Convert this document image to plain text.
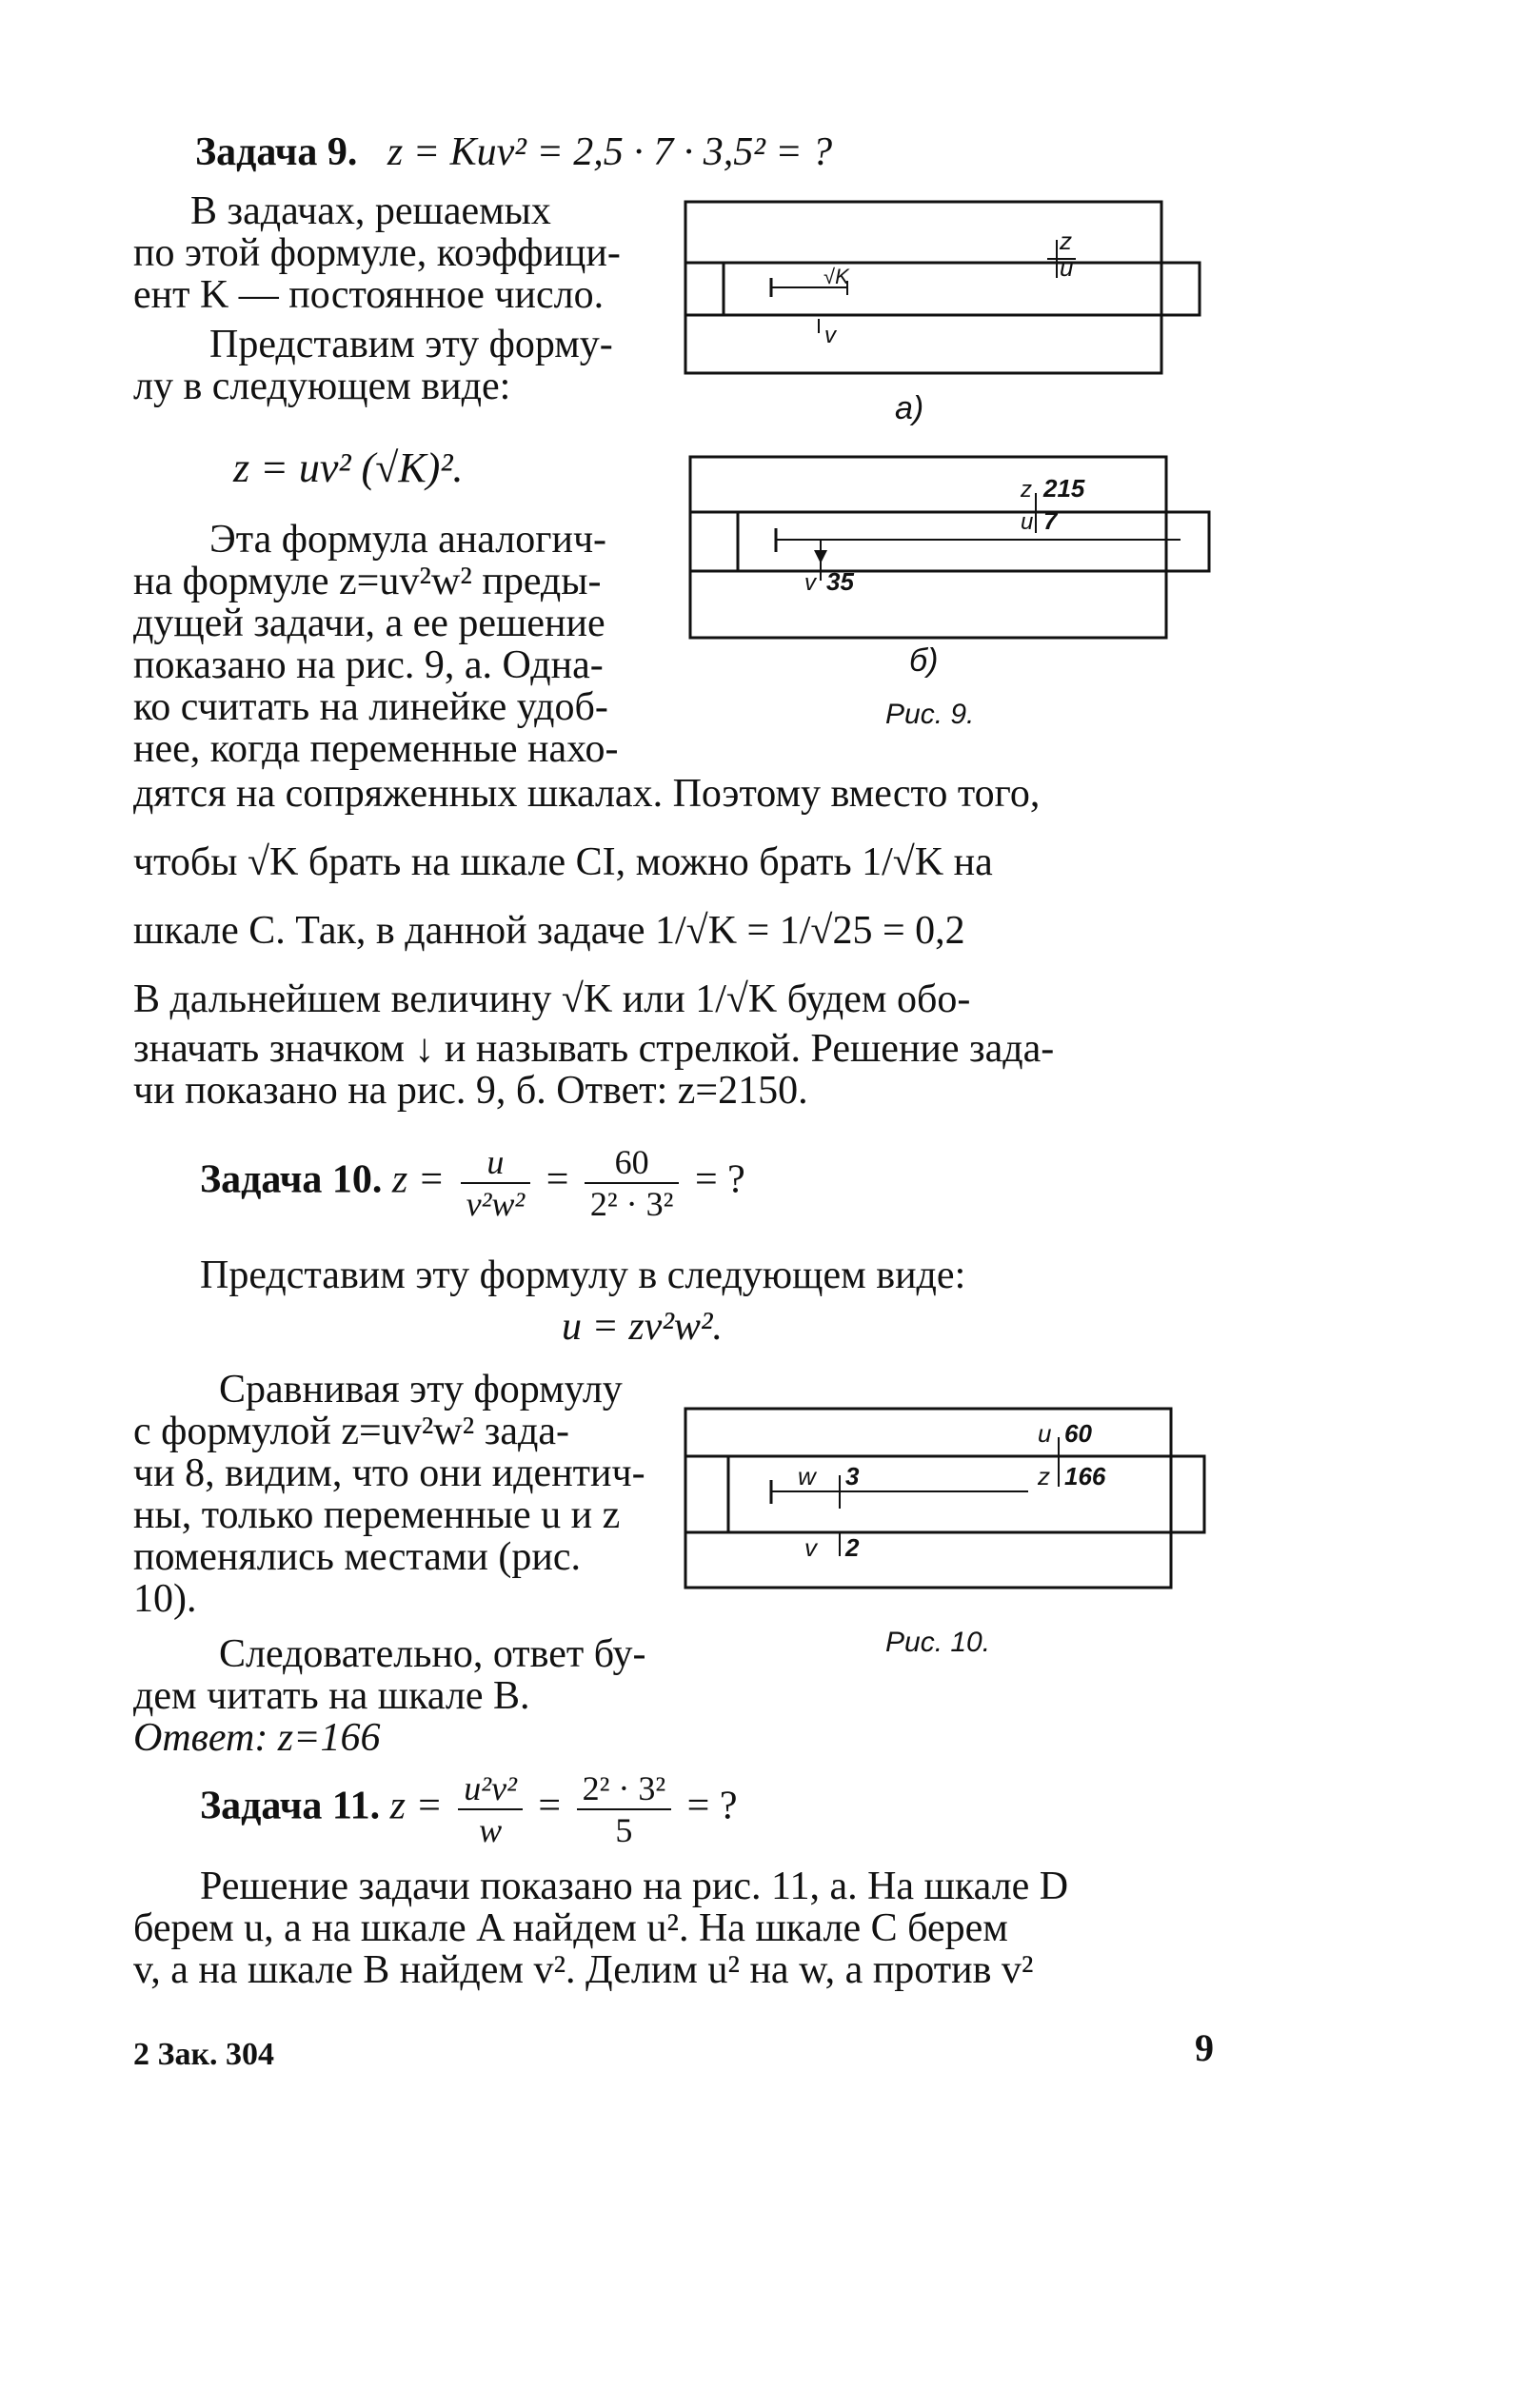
Задача 9. z = Kuv² = 2,5 · 7 · 3,5² = ?
В задачах, решаемых
по этой формуле, коэффици-
ент K — постоянное число.
Представим эту форму-
лу в следующем виде:
z = uv² (√K)².
Эта формула аналогич-
на формуле z=uv²w² преды-
дущей задачи, а ее решение
показано на рис. 9, а. Одна-
ко считать на линейке удоб-
нее, когда переменные нахо-
дятся на сопряженных шкалах. Поэтому вместо того,
чтобы √K брать на шкале CI, можно брать 1/√K на
шкале C. Так, в данной задаче 1/√K = 1/√25 = 0,2
В дальнейшем величину √K или 1/√K будем обо-
значать значком ↓ и называть стрелкой. Решение зада-
чи показано на рис. 9, б. Ответ: z=2150.
z
u
√K
v
а)
z 215
u 7
v 35
б)
Рис. 9.
Задача 10. $z = \frac{u}{\text{v²w²}} = \frac{60}{\text{2² · 3²}}$ = ?
Представим эту формулу в следующем виде:
u = zv²w².
Сравнивая эту формулу
с формулой z=uv²w² зада-
чи 8, видим, что они идентич-
ны, только переменные u и z
поменялись местами (рис.
10).
Следовательно, ответ бу-
дем читать на шкале B.
Ответ: z=166
w 3
u 60
z 166
v 2
Рис. 10.
Задача 11. $z = \frac{\text{u²v²}}{w} = \frac{\text{2² · 3²}}{5}$ = ?
Решение задачи показано на рис. 11, а. На шкале D
берем u, а на шкале A найдем u². На шкале C берем
v, а на шкале B найдем v². Делим u² на w, а против v²
2 Зак. 304	9
